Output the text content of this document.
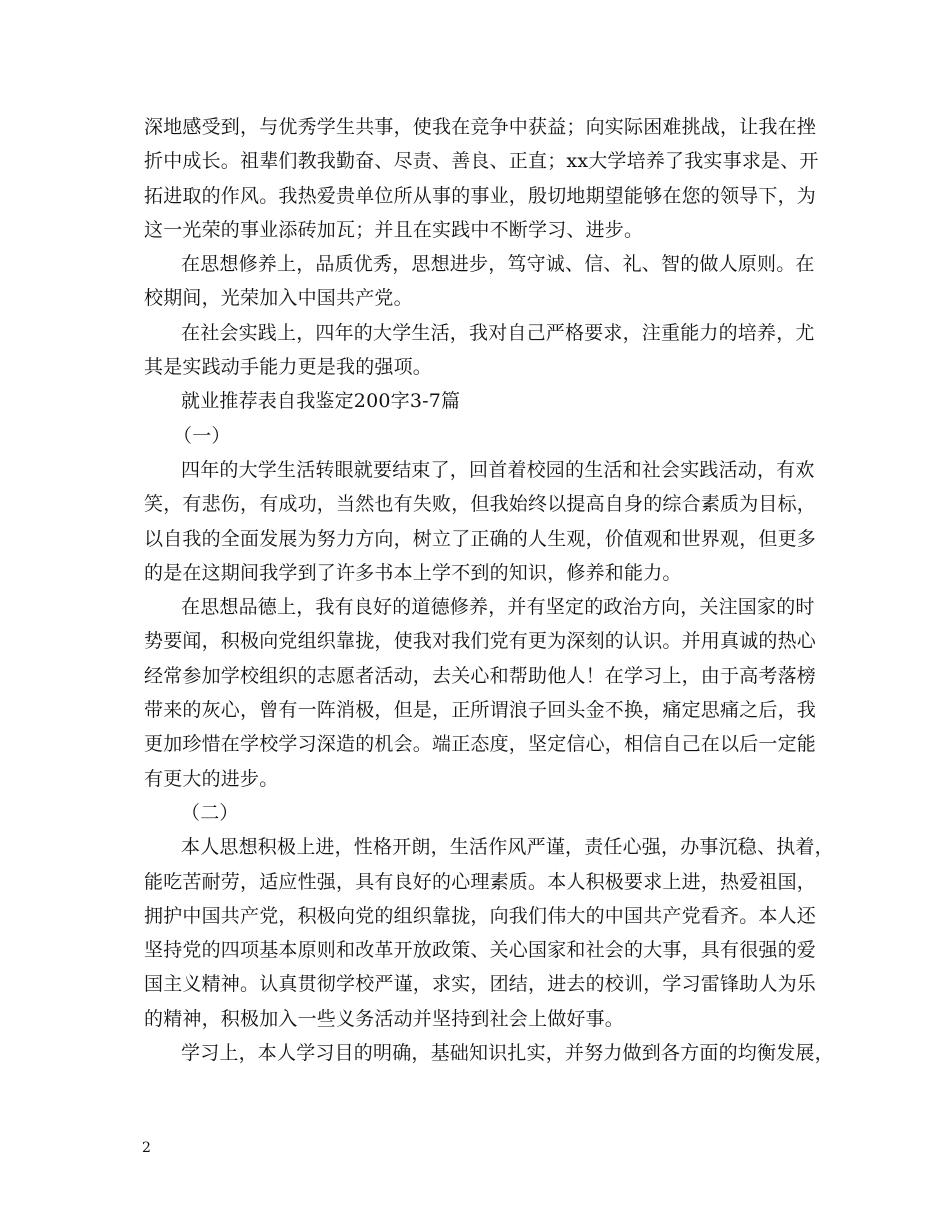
深地感受到，与优秀学生共事，使我在竞争中获益；向实际困难挑战，让我在挫
折中成长。祖辈们教我勤奋、尽责、善良、正直；xx大学培养了我实事求是、开
拓进取的作风。我热爱贵单位所从事的事业，殷切地期望能够在您的领导下，为
这一光荣的事业添砖加瓦；并且在实践中不断学习、进步。
在思想修养上，品质优秀，思想进步，笃守诚、信、礼、智的做人原则。在
校期间，光荣加入中国共产党。
在社会实践上，四年的大学生活，我对自己严格要求，注重能力的培养，尤
其是实践动手能力更是我的强项。
就业推荐表自我鉴定200字3-7篇
（一）
四年的大学生活转眼就要结束了，回首着校园的生活和社会实践活动，有欢
笑，有悲伤，有成功，当然也有失败，但我始终以提高自身的综合素质为目标，
以自我的全面发展为努力方向，树立了正确的人生观，价值观和世界观，但更多
的是在这期间我学到了许多书本上学不到的知识，修养和能力。
在思想品德上，我有良好的道德修养，并有坚定的政治方向，关注国家的时
势要闻，积极向党组织靠拢，使我对我们党有更为深刻的认识。并用真诚的热心
经常参加学校组织的志愿者活动，去关心和帮助他人！在学习上，由于高考落榜
带来的灰心，曾有一阵消极，但是，正所谓浪子回头金不换，痛定思痛之后，我
更加珍惜在学校学习深造的机会。端正态度，坚定信心，相信自己在以后一定能
有更大的进步。
（二）
本人思想积极上进，性格开朗，生活作风严谨，责任心强，办事沉稳、执着，
能吃苦耐劳，适应性强，具有良好的心理素质。本人积极要求上进，热爱祖国，
拥护中国共产党，积极向党的组织靠拢，向我们伟大的中国共产党看齐。本人还
坚持党的四项基本原则和改革开放政策、关心国家和社会的大事，具有很强的爱
国主义精神。认真贯彻学校严谨，求实，团结，进去的校训，学习雷锋助人为乐
的精神，积极加入一些义务活动并坚持到社会上做好事。
学习上，本人学习目的明确，基础知识扎实，并努力做到各方面的均衡发展，
2
